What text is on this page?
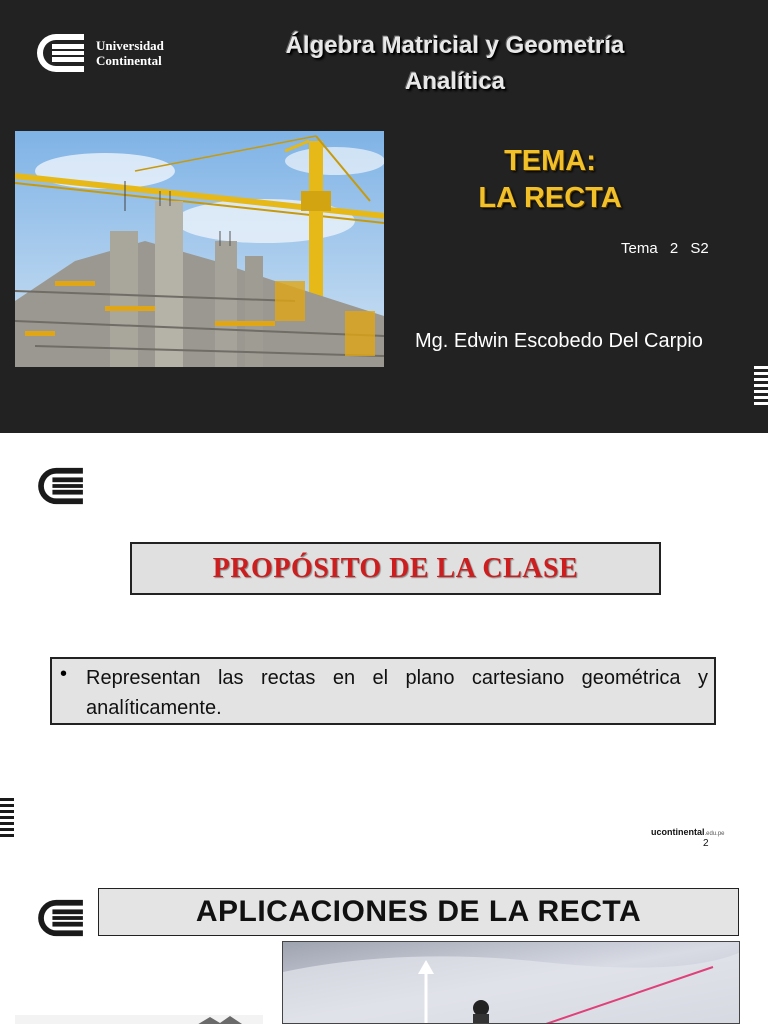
Universidad
Continental
Álgebra Matricial y Geometría
Analítica
TEMA:
LA RECTA
Tema 2 S2
Mg. Edwin Escobedo Del Carpio
PROPÓSITO DE LA CLASE
• Representan las rectas en el plano cartesiano geométrica y analíticamente.
ucontinental.edu.pe
2
APLICACIONES DE LA RECTA
